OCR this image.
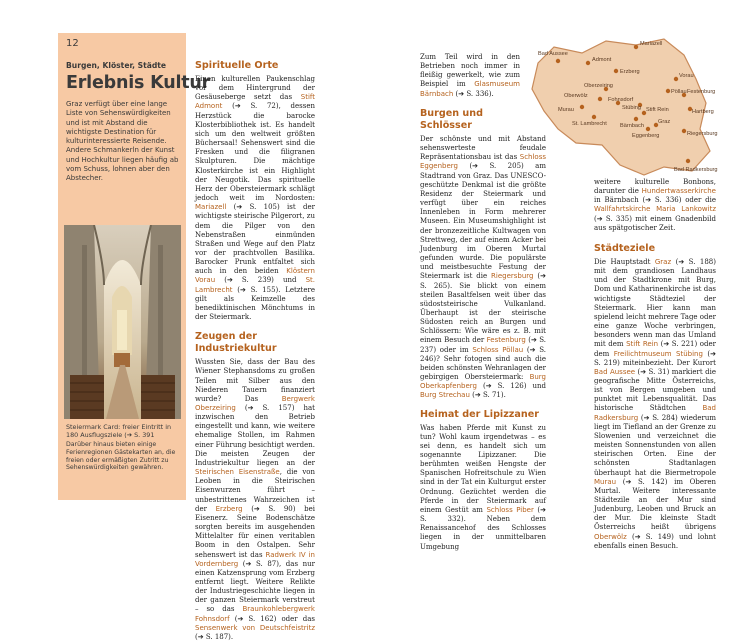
12
Burgen, Klöster, Städte
Erlebnis Kultur
Graz verfügt über eine lange Liste von Sehenswürdigkeiten und ist mit Abstand die wichtigste Destination für kulturinteressierte Reisende. Andere Schmankerln der Kunst und Hochkultur liegen häufig ab vom Schuss, lohnen aber den Abstecher.
Steiermark Card: freier Eintritt in 180 Ausflugsziele (➔ S. 391
Darüber hinaus bieten einige Ferienregionen Gästekarten an, die freien oder ermäßigten Zutritt zu Sehenswürdigkeiten gewähren.

Spirituelle Orte

Einen kulturellen Paukenschlag vor dem Hintergrund der Gesäuseberge setzt das Stift Admont (➔ S. 72), dessen Herzstück die barocke Klosterbibliothek ist. Es handelt sich um den weltweit größten Büchersaal! Sehenswert sind die Fresken und die filigranen Skulpturen. Die mächtige Klosterkirche ist ein Highlight der Neugotik. Das spirituelle Herz der Obersteiermark schlägt jedoch weit im Nordosten: Mariazell (➔ S. 105) ist der wichtigste steirische Pilgerort, zu dem die Pilger von den Nebenstraßen einmünden Straßen und Wege auf den Platz vor der prachtvollen Basilika. Barocker Prunk entfaltet sich auch in den beiden Klöstern Vorau (➔ S. 239) und St. Lambrecht (➔ S. 155). Letztere gilt als Keimzelle des benediktinischen Mönchtums in der Steiermark.

Zeugen der Industriekultur

Wussten Sie, dass der Bau des Wiener Stephansdoms zu großen Teilen mit Silber aus den Niederen Tauern finanziert wurde? Das	Bergwerk Oberzeiring (➔ S. 157) hat inzwischen den Betrieb eingestellt und kann, wie weitere ehemalige Stollen, im Rahmen einer Führung besichtigt werden. Die meisten Zeugen der Industriekultur liegen an der Steirischen Eisenstraße, die von Leoben in die Steirischen Eisenwurzen führt – unbestrittenes Wahrzeichen ist der Erzberg (➔ S. 90) bei Eisenerz. Seine Bodenschätze sorgten bereits im ausgehenden Mittelalter für einen veritablen Boom in den Ostalpen. Sehr sehenswert ist das Radwerk IV in Vordernberg (➔ S. 87), das nur einen Katzensprung vom Erzberg entfernt liegt. Weitere Relikte der Industriegeschichte liegen in der ganzen Steiermark verstreut – so das Braunkohlebergwerk Fohnsdorf (➔ S. 162) oder das Sensenwerk von Deutschfeistritz (➔ S. 187).

Zum Teil wird in den Betrieben noch immer in fleißig gewerkelt, wie zum Beispiel im Glasmuseum Bärnbach (➔ S. 336).

Burgen und Schlösser

Der schönste und mit Abstand sehenswerteste feudale Repräsentationsbau ist das Schloss Eggenberg (➔ S. 205) am Stadtrand von Graz. Das UNESCO-geschützte Denkmal ist die größte Residenz der Steiermark und verfügt über ein reiches Innenleben in Form mehrerer Museen. Ein Museumshighlight ist der bronzezeitliche Kultwagen von Strettweg, der auf einem Acker bei Judenburg im Oberen Murtal gefunden wurde. Die populärste und meistbesuchte Festung der Steiermark ist die Riegersburg (➔ S. 265). Sie blickt von einem steilen Basaltfelsen weit über das südoststeirische Vulkanland. Überhaupt ist der steirische Südosten reich an Burgen und Schlössern: Wie wäre es z. B. mit einem Besuch der Festenburg (➔ S. 237) oder im Schloss Pöllau (➔ S. 246)? Sehr fotogen sind auch die beiden schönsten Wehranlagen der gebirgigen Obersteiermark: Burg Oberkapfenberg (➔ S. 126) und Burg Strechau (➔ S. 71).

Heimat der Lipizzaner

Was haben Pferde mit Kunst zu tun? Wohl kaum irgendetwas – es sei denn, es handelt sich um sogenannte Lipizzaner. Die berühmten weißen Hengste der Spanischen Hofreitschule zu Wien sind in der Tat ein Kulturgut erster Ordnung. Gezüchtet werden die Pferde in der Steiermark auf einem Gestüt am Schloss Piber (➔ S. 332). Neben dem Renaissancehof des Schlosses liegen in der unmittelbaren Umgebung

Mariazell
Bad Aussee
Admont
Erzberg
Vorau
Oberzeiring
Pöllau
Murau
Festenburg
St. Lambrecht
Hartberg
Graz
Bärnbach
Riegersburg
Eggenberg
Bad Radkersburg
Oberwölz
Stift Rein
Stübing
Fohnsdorf

weitere kulturelle Bonbons, darunter die Hundertwasserkirche in Bärnbach (➔ S. 336) oder die Wallfahrtskirche Maria Lankowitz (➔ S. 335) mit einem Gnadenbild aus spätgotischer Zeit.

Städteziele

Die Hauptstadt Graz (➔ S. 188) mit dem grandiosen Landhaus und der Stadtkrone mit Burg, Dom und Katharinenkirche ist das wichtigste Städteziel der Steiermark. Hier kann man spielend leicht mehrere Tage oder eine ganze Woche verbringen, besonders wenn man das Umland mit dem Stift Rein (➔ S. 221) oder dem Freilichtmuseum Stübing (➔ S. 219) miteinbezieht. Der Kurort Bad Aussee (➔ S. 31) markiert die geografische Mitte Österreichs, ist von Bergen umgeben und punktet mit Lebensqualität. Das historische Städtchen Bad Radkersburg (➔ S. 284) wiederum liegt im Tiefland an der Grenze zu Slowenien und verzeichnet die meisten Sonnenstunden von allen steirischen Orten. Eine der schönsten Stadtanlagen überhaupt hat die Biermetropole Murau (➔ S. 142) im Oberen Murtal. Weitere interessante Städtezile an der Mur sind Judenburg, Leoben und Bruck an der Mur. Die kleinste Stadt Österreichs heißt übrigens Oberwölz (➔ S. 149) und lohnt ebenfalls einen Besuch.
